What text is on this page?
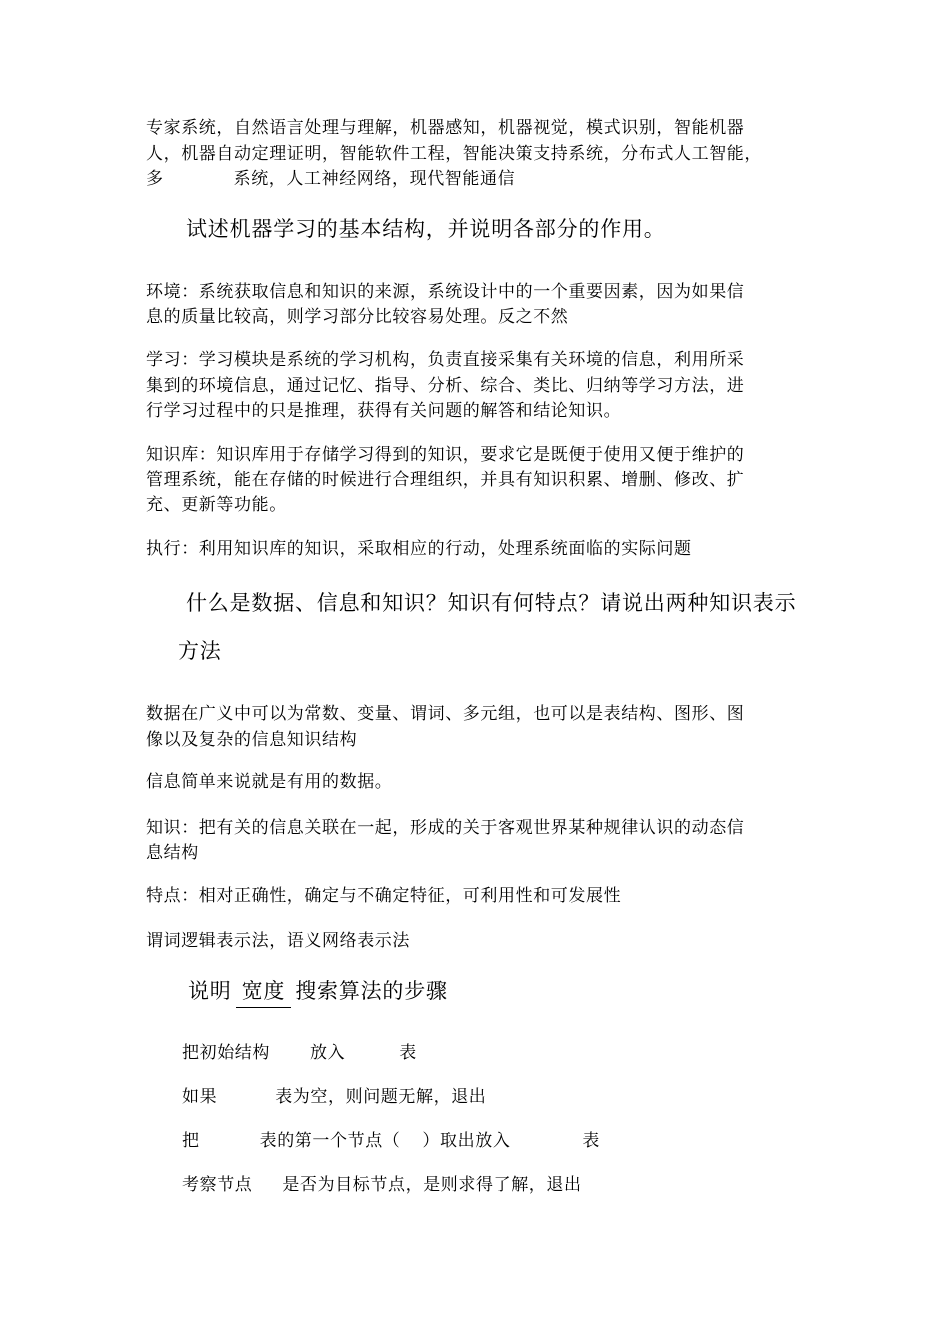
专家系统，自然语言处理与理解，机器感知，机器视觉，模式识别，智能机器
人，机器自动定理证明，智能软件工程，智能决策支持系统，分布式人工智能，
多	系统，人工神经网络，现代智能通信
试述机器学习的基本结构，并说明各部分的作用。
环境：系统获取信息和知识的来源，系统设计中的一个重要因素，因为如果信
息的质量比较高，则学习部分比较容易处理。反之不然
学习：学习模块是系统的学习机构，负责直接采集有关环境的信息，利用所采
集到的环境信息，通过记忆、指导、分析、综合、类比、归纳等学习方法，进
行学习过程中的只是推理，获得有关问题的解答和结论知识。
知识库：知识库用于存储学习得到的知识，要求它是既便于使用又便于维护的
管理系统，能在存储的时候进行合理组织，并具有知识积累、增删、修改、扩
充、更新等功能。
执行：利用知识库的知识，采取相应的行动，处理系统面临的实际问题
什么是数据、信息和知识？知识有何特点？请说出两种知识表示
方法
数据在广义中可以为常数、变量、谓词、多元组，也可以是表结构、图形、图
像以及复杂的信息知识结构
信息简单来说就是有用的数据。
知识：把有关的信息关联在一起，形成的关于客观世界某种规律认识的动态信
息结构
特点：相对正确性，确定与不确定特征，可利用性和可发展性
谓词逻辑表示法，语义网络表示法
说明 宽度 搜索算法的步骤
把初始结构 放入	表
如果	表为空，则问题无解，退出
把	表的第一个节点（ ）取出放入	表
考察节点 是否为目标节点，是则求得了解，退出
